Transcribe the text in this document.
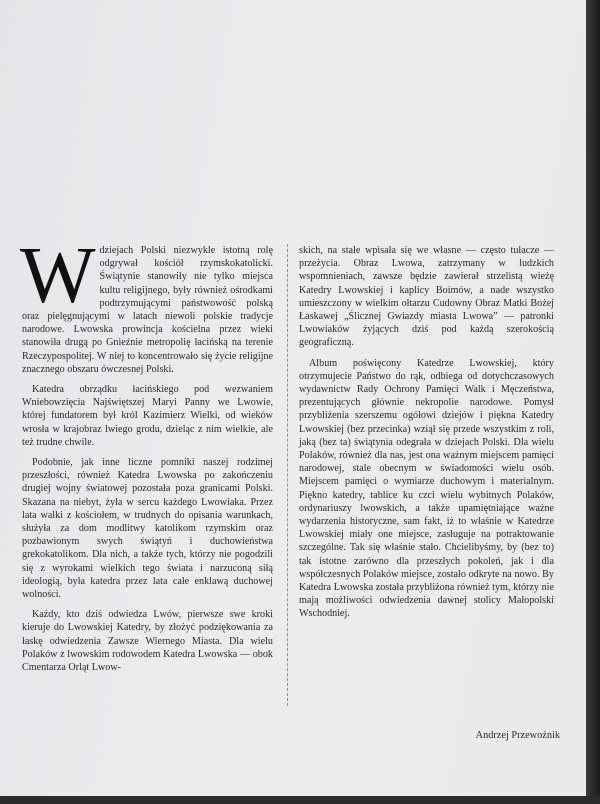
Wdziejach Polski niezwykle istotną rolę odgrywał kościół rzymskokatolicki. Świątynie stanowiły nie tylko miejsca kultu religijnego, były również ośrodkami podtrzymującymi państwowość polską oraz pielęgnującymi w latach niewoli polskie tradycje narodowe. Lwowska prowincja kościelna przez wieki stanowiła drugą po Gnieźnie metropolię łacińską na terenie Rzeczypospolitej. W niej to koncentrowało się życie religijne znacznego obszaru ówczesnej Polski.

Katedra obrządku łacińskiego pod wezwaniem Wniebowzięcia Najświętszej Maryi Panny we Lwowie, której fundatorem był król Kazimierz Wielki, od wieków wrosła w krajobraz lwiego grodu, dzieląc z nim wielkie, ale też trudne chwile.

Podobnie, jak inne liczne pomniki naszej rodzimej przeszłości, również Katedra Lwowska po zakończeniu drugiej wojny światowej pozostała poza granicami Polski. Skazana na niebyt, żyła w sercu każdego Lwowiaka. Przez lata walki z kościołem, w trudnych do opisania warunkach, służyła za dom modlitwy katolikom rzymskim oraz pozbawionym swych świątyń i duchowieństwa grekokatolikom. Dla nich, a także tych, którzy nie pogodzili się z wyrokami wielkich tego świata i narzuconą siłą ideologią, była katedra przez lata całe enklawą duchowej wolności.

Każdy, kto dziś odwiedza Lwów, pierwsze swe kroki kieruje do Lwowskiej Katedry, by złożyć podziękowania za łaskę odwiedzenia Zawsze Wiernego Miasta. Dla wielu Polaków z lwowskim rodowodem Katedra Lwowska — obok Cmentarza Orląt Lwow-

skich, na stałe wpisała się we własne — często tułacze — przeżycia. Obraz Lwowa, zatrzymany w ludzkich wspomnieniach, zawsze będzie zawierał strzelistą wieżę Katedry Lwowskiej i kaplicy Boimów, a nade wszystko umieszczony w wielkim ołtarzu Cudowny Obraz Matki Bożej Łaskawej „Ślicznej Gwiazdy miasta Lwowa” — patronki Lwowiaków żyjących dziś pod każdą szerokością geograficzną.

Album poświęcony Katedrze Lwowskiej, który otrzymujecie Państwo do rąk, odbiega od dotychczasowych wydawnictw Rady Ochrony Pamięci Walk i Męczeństwa, prezentujących głównie nekropolie narodowe. Pomysł przybliżenia szerszemu ogółowi dziejów i piękna Katedry Lwowskiej (bez przecinka) wziął się przede wszystkim z roli, jaką (bez ta) świątynia odegrała w dziejach Polski. Dla wielu Polaków, również dla nas, jest ona ważnym miejscem pamięci narodowej, stale obecnym w świadomości wielu osób. Miejscem pamięci o wymiarze duchowym i materialnym. Piękno katedry, tablice ku czci wielu wybitnych Polaków, ordynariuszy lwowskich, a także upamiętniające ważne wydarzenia historyczne, sam fakt, iż to właśnie w Katedrze Lwowskiej miały one miejsce, zasługuje na potraktowanie szczególne. Tak się właśnie stało. Chcielibyśmy, by (bez to) tak istotne zarówno dla przeszłych pokoleń, jak i dla współczesnych Polaków miejsce, zostało odkryte na nowo. By Katedra Lwowska została przybliżona również tym, którzy nie mają możliwości odwiedzenia dawnej stolicy Małopolski Wschodniej.

Andrzej Przewoźnik
